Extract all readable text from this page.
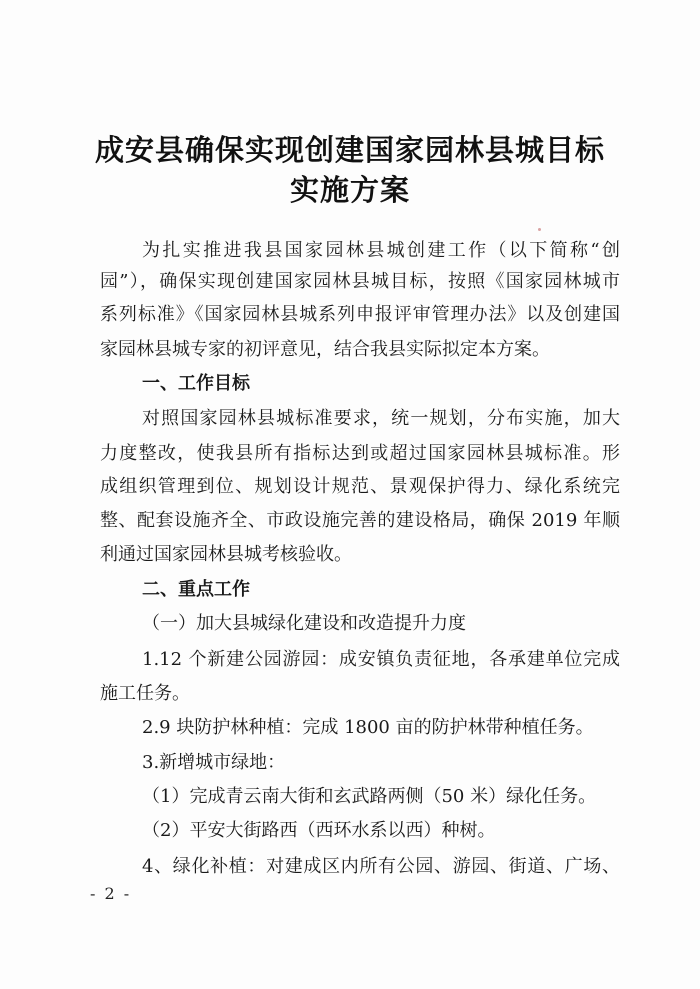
成安县确保实现创建国家园林县城目标
实施方案
为扎实推进我县国家园林县城创建工作（以下简称“创
园”），确保实现创建国家园林县城目标，按照《国家园林城市
系列标准》《国家园林县城系列申报评审管理办法》以及创建国
家园林县城专家的初评意见，结合我县实际拟定本方案。
一、工作目标
对照国家园林县城标准要求，统一规划，分布实施，加大
力度整改，使我县所有指标达到或超过国家园林县城标准。形
成组织管理到位、规划设计规范、景观保护得力、绿化系统完
整、配套设施齐全、市政设施完善的建设格局，确保 2019 年顺
利通过国家园林县城考核验收。
二、重点工作
（一）加大县城绿化建设和改造提升力度
1.12 个新建公园游园：成安镇负责征地，各承建单位完成
施工任务。
2.9 块防护林种植：完成 1800 亩的防护林带种植任务。
3.新增城市绿地：
（1）完成青云南大街和玄武路两侧（50 米）绿化任务。
（2）平安大街路西（西环水系以西）种树。
4、绿化补植：对建成区内所有公园、游园、街道、广场、
- 2 -
